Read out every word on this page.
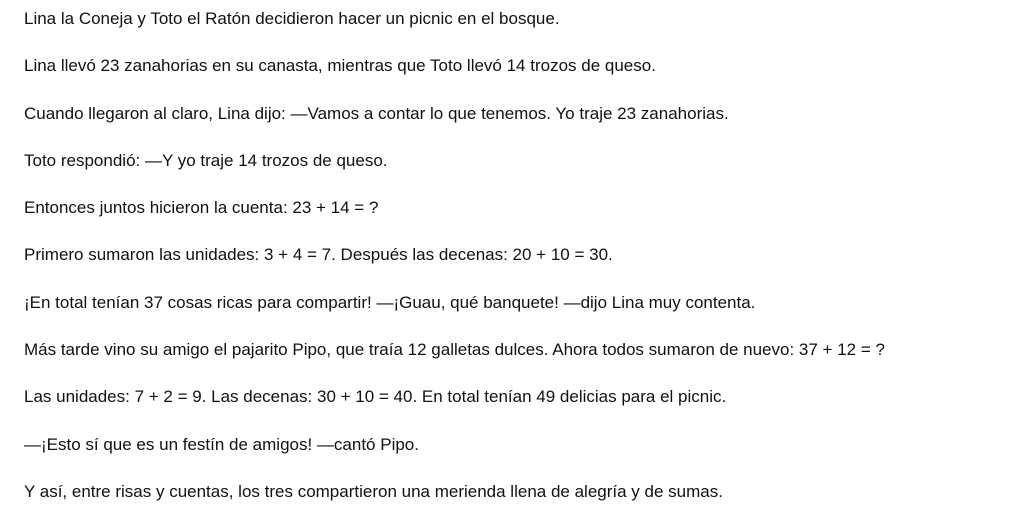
Lina la Coneja y Toto el Ratón decidieron hacer un picnic en el bosque.

Lina llevó 23 zanahorias en su canasta, mientras que Toto llevó 14 trozos de queso.

Cuando llegaron al claro, Lina dijo: —Vamos a contar lo que tenemos. Yo traje 23 zanahorias.

Toto respondió: —Y yo traje 14 trozos de queso.

Entonces juntos hicieron la cuenta: 23 + 14 = ?

Primero sumaron las unidades: 3 + 4 = 7. Después las decenas: 20 + 10 = 30.

¡En total tenían 37 cosas ricas para compartir! —¡Guau, qué banquete! —dijo Lina muy contenta.

Más tarde vino su amigo el pajarito Pipo, que traía 12 galletas dulces. Ahora todos sumaron de nuevo: 37 + 12 = ?

Las unidades: 7 + 2 = 9. Las decenas: 30 + 10 = 40. En total tenían 49 delicias para el picnic.

—¡Esto sí que es un festín de amigos! —cantó Pipo.

Y así, entre risas y cuentas, los tres compartieron una merienda llena de alegría y de sumas.
